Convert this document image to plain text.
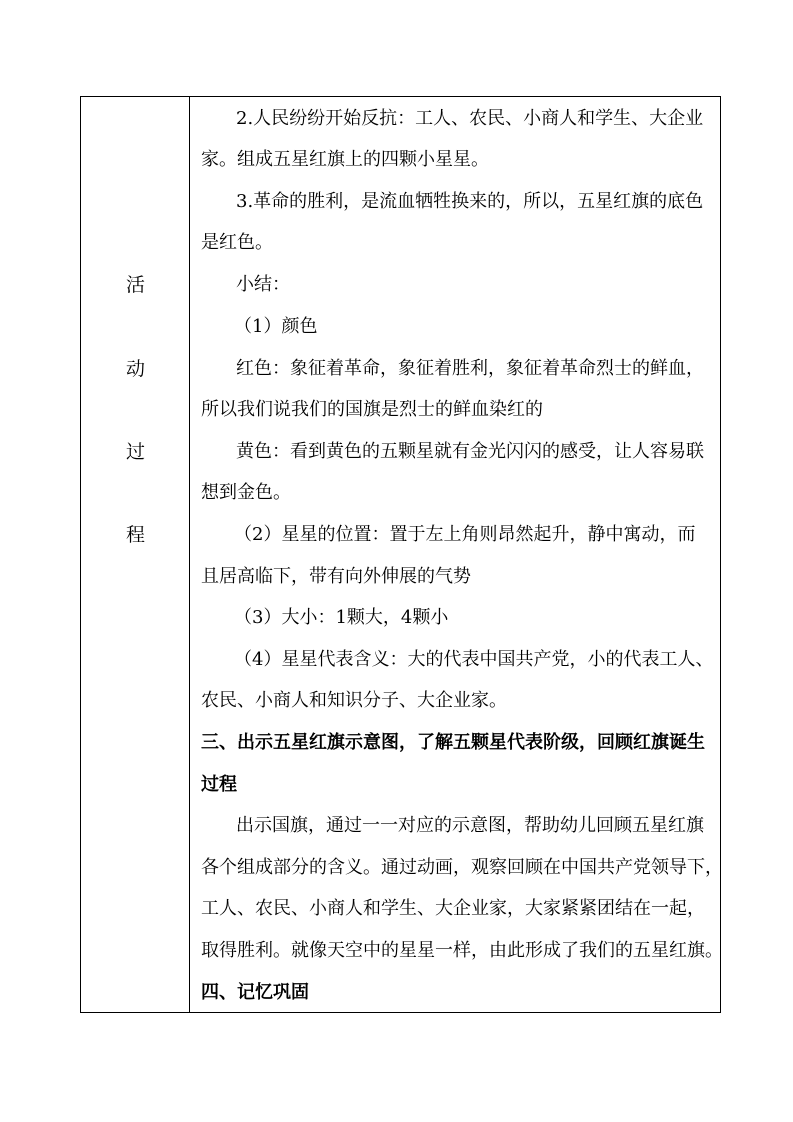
活
动
过
程
2.人民纷纷开始反抗：工人、农民、小商人和学生、大企业
家。组成五星红旗上的四颗小星星。
3.革命的胜利，是流血牺牲换来的，所以，五星红旗的底色
是红色。
小结：
（1）颜色
红色：象征着革命，象征着胜利，象征着革命烈士的鲜血，
所以我们说我们的国旗是烈士的鲜血染红的
黄色：看到黄色的五颗星就有金光闪闪的感受，让人容易联
想到金色。
（2）星星的位置：置于左上角则昂然起升，静中寓动，而
且居高临下，带有向外伸展的气势
（3）大小：1颗大，4颗小
（4）星星代表含义：大的代表中国共产党，小的代表工人、
农民、小商人和知识分子、大企业家。
三、出示五星红旗示意图，了解五颗星代表阶级，回顾红旗诞生
过程
出示国旗，通过一一对应的示意图，帮助幼儿回顾五星红旗
各个组成部分的含义。通过动画，观察回顾在中国共产党领导下，
工人、农民、小商人和学生、大企业家，大家紧紧团结在一起，
取得胜利。就像天空中的星星一样，由此形成了我们的五星红旗。
四、记忆巩固
